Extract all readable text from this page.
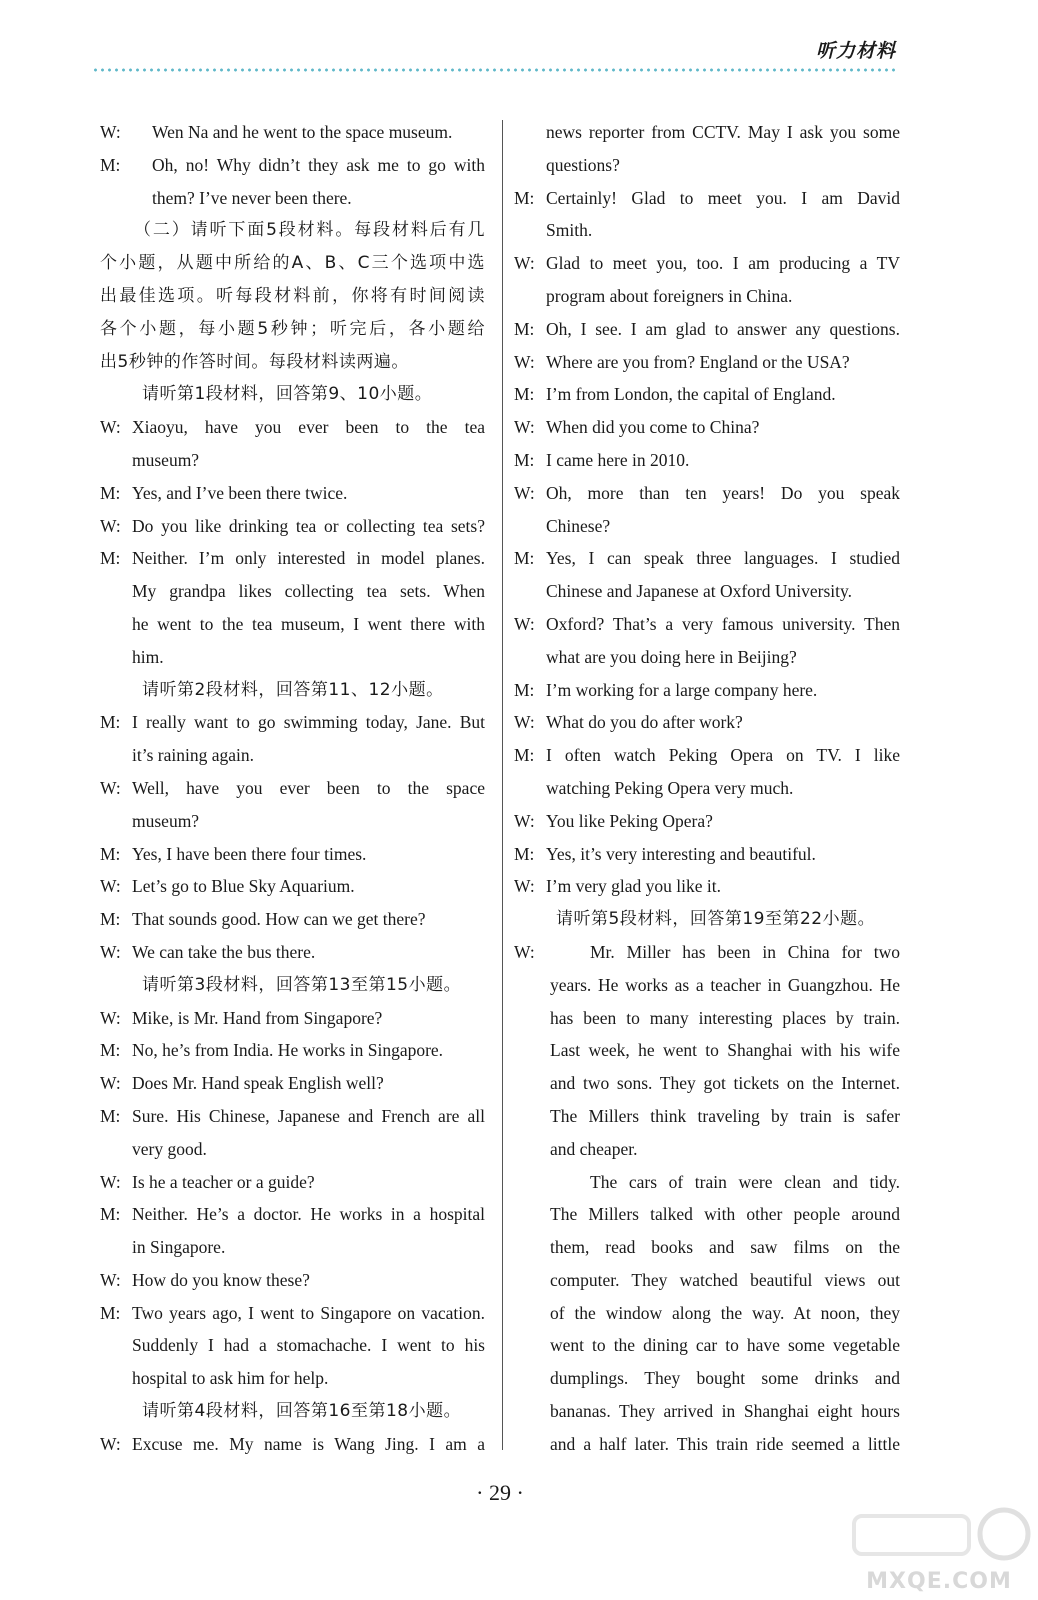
听力材料
W: Wen Na and he went to the space museum.
M: Oh, no! Why didn’t they ask me to go with
them? I’ve never been there.
（二）请听下面5段材料。每段材料后有几
个小题，从题中所给的A、B、C三个选项中选
出最佳选项。听每段材料前，你将有时间阅读
各个小题，每小题5秒钟；听完后，各小题给
出5秒钟的作答时间。每段材料读两遍。
请听第1段材料，回答第9、10小题。
W: Xiaoyu, have you ever been to the tea
museum?
M: Yes, and I’ve been there twice.
W: Do you like drinking tea or collecting tea sets?
M: Neither. I’m only interested in model planes.
My grandpa likes collecting tea sets. When
he went to the tea museum, I went there with
him.
请听第2段材料，回答第11、12小题。
M: I really want to go swimming today, Jane. But
it’s raining again.
W: Well, have you ever been to the space
museum?
M: Yes, I have been there four times.
W: Let’s go to Blue Sky Aquarium.
M: That sounds good. How can we get there?
W: We can take the bus there.
请听第3段材料，回答第13至第15小题。
W: Mike, is Mr. Hand from Singapore?
M: No, he’s from India. He works in Singapore.
W: Does Mr. Hand speak English well?
M: Sure. His Chinese, Japanese and French are all
very good.
W: Is he a teacher or a guide?
M: Neither. He’s a doctor. He works in a hospital
in Singapore.
W: How do you know these?
M: Two years ago, I went to Singapore on vacation.
Suddenly I had a stomachache. I went to his
hospital to ask him for help.
请听第4段材料，回答第16至第18小题。
W: Excuse me. My name is Wang Jing. I am a
news reporter from CCTV. May I ask you some
questions?
M: Certainly! Glad to meet you. I am David
Smith.
W: Glad to meet you, too. I am producing a TV
program about foreigners in China.
M: Oh, I see. I am glad to answer any questions.
W: Where are you from? England or the USA?
M: I’m from London, the capital of England.
W: When did you come to China?
M: I came here in 2010.
W: Oh, more than ten years! Do you speak
Chinese?
M: Yes, I can speak three languages. I studied
Chinese and Japanese at Oxford University.
W: Oxford? That’s a very famous university. Then
what are you doing here in Beijing?
M: I’m working for a large company here.
W: What do you do after work?
M: I often watch Peking Opera on TV. I like
watching Peking Opera very much.
W: You like Peking Opera?
M: Yes, it’s very interesting and beautiful.
W: I’m very glad you like it.
请听第5段材料，回答第19至第22小题。
W:	Mr. Miller has been in China for two
years. He works as a teacher in Guangzhou. He
has been to many interesting places by train.
Last week, he went to Shanghai with his wife
and two sons. They got tickets on the Internet.
The Millers think traveling by train is safer
and cheaper.
The cars of train were clean and tidy.
The Millers talked with other people around
them, read books and saw films on the
computer. They watched beautiful views out
of the window along the way. At noon, they
went to the dining car to have some vegetable
dumplings. They bought some drinks and
bananas. They arrived in Shanghai eight hours
and a half later. This train ride seemed a little
· 29 ·
MXQE.COM
